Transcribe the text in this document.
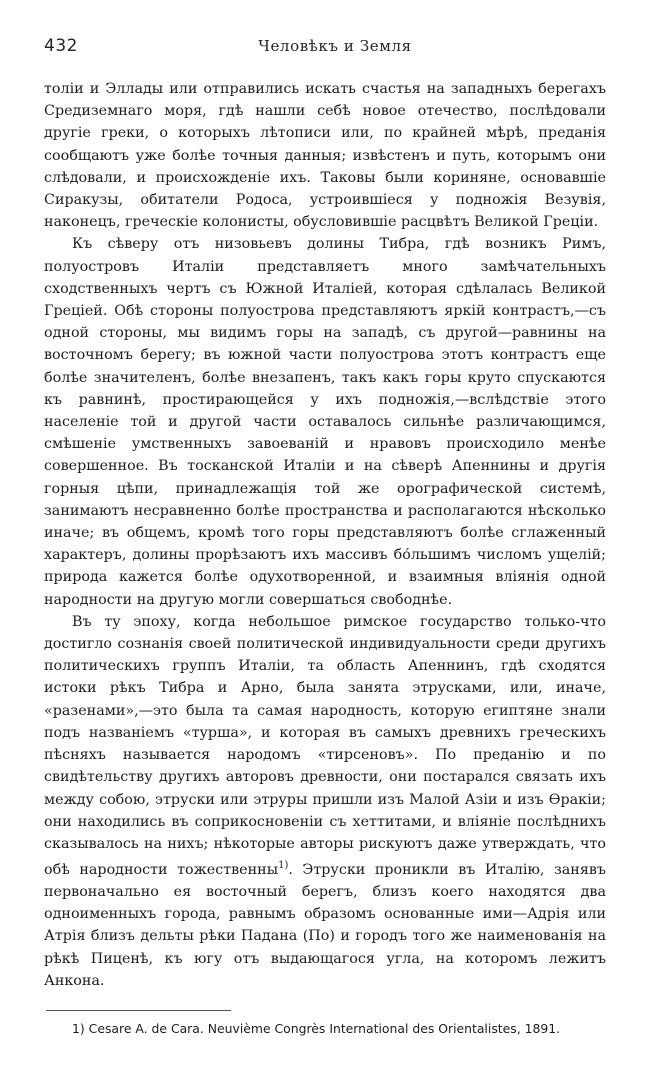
432	Человѣкъ и Земля

толіи и Эллады или отправились искать счастья на западныхъ берегахъ Средиземнаго моря, гдѣ нашли себѣ новое отечество, послѣдовали другіе греки, о которыхъ лѣтописи или, по крайней мѣрѣ, преданія сообщаютъ уже болѣе точныя данныя; извѣстенъ и путь, которымъ они слѣдовали, и происхожденіе ихъ. Таковы были кориняне, основавшіе Сиракузы, обитатели Родоса, устроившіеся у подножія Везувія, наконецъ, греческіе колонисты, обусловившіе расцвѣтъ Великой Греціи.

Къ сѣверу отъ низовьевъ долины Тибра, гдѣ возникъ Римъ, полуостровъ Италіи представляетъ много замѣчательныхъ сходственныхъ чертъ съ Южной Италіей, которая сдѣлалась Великой Греціей. Обѣ стороны полуострова представляютъ яркій контрастъ,—съ одной стороны, мы видимъ горы на западѣ, съ другой—равнины на восточномъ берегу; въ южной части полуострова этотъ контрастъ еще болѣе значителенъ, болѣе внезапенъ, такъ какъ горы круто спускаются къ равнинѣ, простирающейся у ихъ подножія,—вслѣдствіе этого населеніе той и другой части оставалось сильнѣе различающимся, смѣшеніе умственныхъ завоеваній и нравовъ происходило менѣе совершенное. Въ тосканской Италіи и на сѣверѣ Апеннины и другія горныя цѣпи, принадлежащія той же орографической системѣ, занимаютъ несравненно болѣе пространства и располагаются нѣсколько иначе; въ общемъ, кромѣ того горы представляютъ болѣе сглаженный характеръ, долины прорѣзаютъ ихъ массивъ бо́льшимъ числомъ ущелій; природа кажется болѣе одухотворенной, и взаимныя вліянія одной народности на другую могли совершаться свободнѣе.

Въ ту эпоху, когда небольшое римское государство только-что достигло сознанія своей политической индивидуальности среди другихъ политическихъ группъ Италіи, та область Апеннинъ, гдѣ сходятся истоки рѣкъ Тибра и Арно, была занята этрусками, или, иначе, «разенами»,—это была та самая народность, которую египтяне знали подъ названіемъ «турша», и которая въ самыхъ древнихъ греческихъ пѣсняхъ называется народомъ «тирсеновъ». По преданію и по свидѣтельству другихъ авторовъ древности, они постарался связать ихъ между собою, этруски или этруры пришли изъ Малой Азіи и изъ Ѳракіи; они находились въ соприкосновеніи съ хеттитами, и вліяніе послѣднихъ сказывалось на нихъ; нѣкоторые авторы рискуютъ даже утверждать, что обѣ народности тожественны$^{1)}$. Этруски проникли въ Италію, занявъ первоначально ея восточный берегъ, близъ коего находятся два одноименныхъ города, равнымъ образомъ основанные ими—Адрія или Атрія близъ дельты рѣки Падана (По) и городъ того же наименованія на рѣкѣ Пиценѣ, къ югу отъ выдающагося угла, на которомъ лежитъ Анкона.

1) Cesare A. de Cara. Neuvième Congrès International des Orientalistes, 1891.
